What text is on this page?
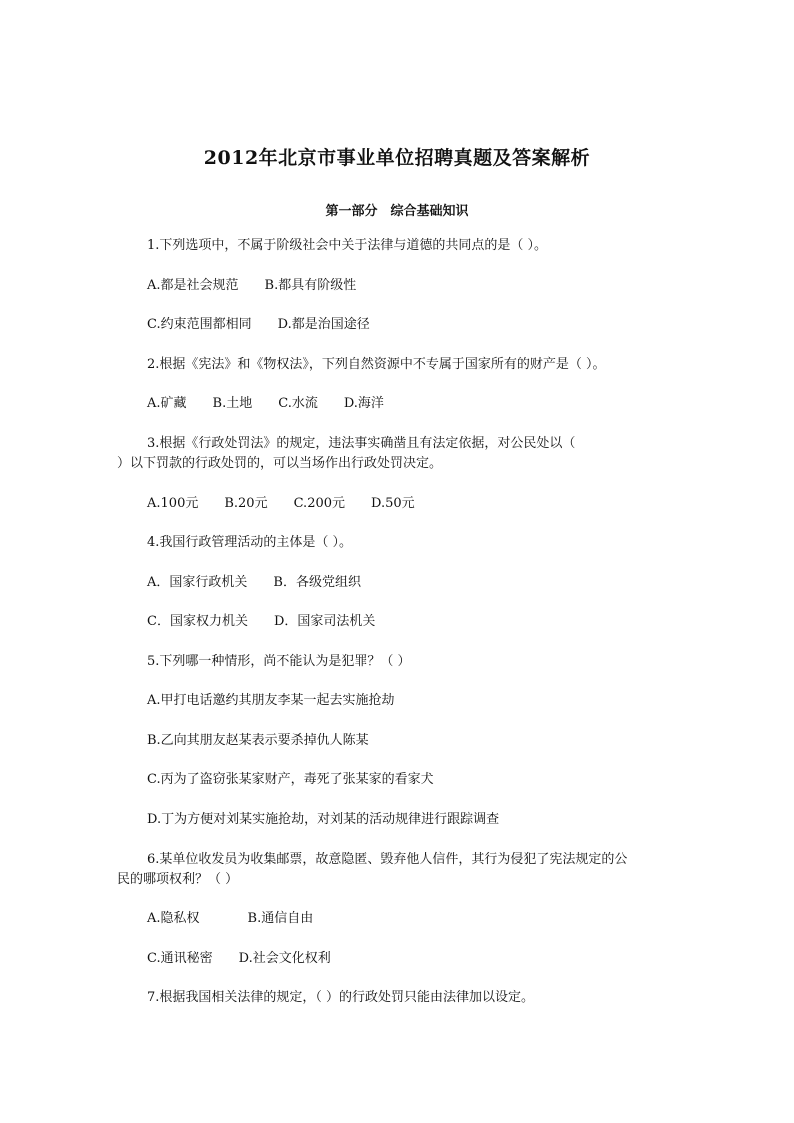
2012年北京市事业单位招聘真题及答案解析
第一部分　综合基础知识
1.下列选项中，不属于阶级社会中关于法律与道德的共同点的是（ ）。
A.都是社会规范 B.都具有阶级性
C.约束范围都相同 D.都是治国途径
2.根据《宪法》和《物权法》，下列自然资源中不专属于国家所有的财产是（ ）。
A.矿藏 B.土地 C.水流 D.海洋
3.根据《行政处罚法》的规定，违法事实确凿且有法定依据，对公民处以（
）以下罚款的行政处罚的，可以当场作出行政处罚决定。
A.100元 B.20元 C.200元 D.50元
4.我国行政管理活动的主体是（ ）。
A．国家行政机关 B．各级党组织
C．国家权力机关 D．国家司法机关
5.下列哪一种情形，尚不能认为是犯罪？（ ）
A.甲打电话邀约其朋友李某一起去实施抢劫
B.乙向其朋友赵某表示要杀掉仇人陈某
C.丙为了盗窃张某家财产，毒死了张某家的看家犬
D.丁为方便对刘某实施抢劫，对刘某的活动规律进行跟踪调查
6.某单位收发员为收集邮票，故意隐匿、毁弃他人信件，其行为侵犯了宪法规定的公
民的哪项权利？（ ）
A.隐私权	B.通信自由
C.通讯秘密 D.社会文化权利
7.根据我国相关法律的规定，（ ）的行政处罚只能由法律加以设定。
